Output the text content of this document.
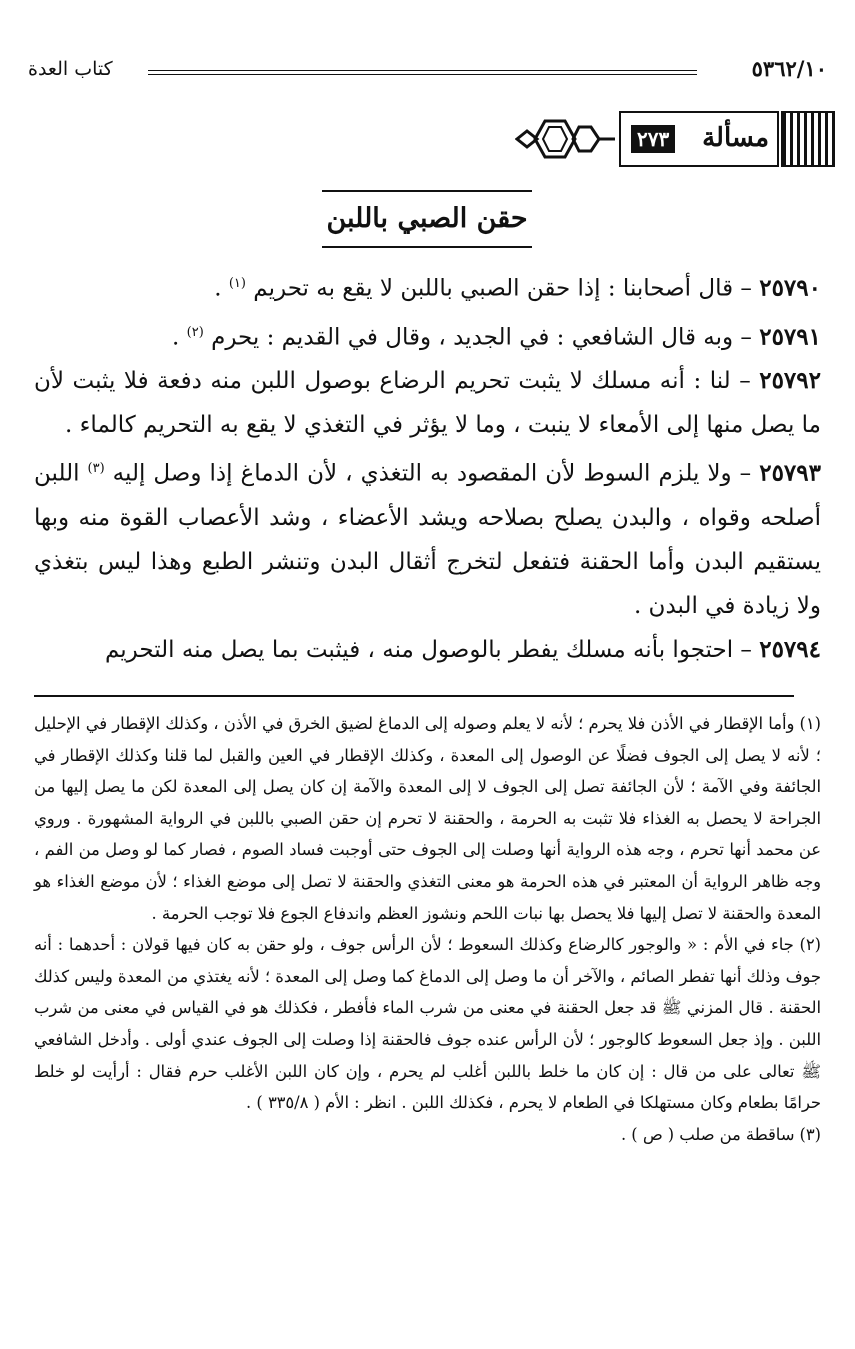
٥٣٦٢/١٠
كتاب العدة
مسألة
٢٧٣
حقن الصبي باللبن

٢٥٧٩٠ – قال أصحابنا : إذا حقن الصبي باللبن لا يقع به تحريم $^{(١)}$ .

٢٥٧٩١ – وبه قال الشافعي : في الجديد ، وقال في القديم : يحرم $^{(٢)}$ .

٢٥٧٩٢ – لنا : أنه مسلك لا يثبت تحريم الرضاع بوصول اللبن منه دفعة فلا يثبت لأن ما يصل منها إلى الأمعاء لا ينبت ، وما لا يؤثر في التغذي لا يقع به التحريم كالماء .

٢٥٧٩٣ – ولا يلزم السوط لأن المقصود به التغذي ، لأن الدماغ إذا وصل إليه $^{(٣)}$ اللبن أصلحه وقواه ، والبدن يصلح بصلاحه ويشد الأعضاء ، وشد الأعصاب القوة منه وبها يستقيم البدن وأما الحقنة فتفعل لتخرج أثقال البدن وتنشر الطبع وهذا ليس بتغذي ولا زيادة في البدن .

٢٥٧٩٤ – احتجوا بأنه مسلك يفطر بالوصول منه ، فيثبت بما يصل منه التحريم

(١) وأما الإقطار في الأذن فلا يحرم ؛ لأنه لا يعلم وصوله إلى الدماغ لضيق الخرق في الأذن ، وكذلك الإقطار في الإحليل ؛ لأنه لا يصل إلى الجوف فضلًا عن الوصول إلى المعدة ، وكذلك الإقطار في العين والقبل لما قلنا وكذلك الإقطار في الجائفة وفي الآمة ؛ لأن الجائفة تصل إلى الجوف لا إلى المعدة والآمة إن كان يصل إلى المعدة لكن ما يصل إليها من الجراحة لا يحصل به الغذاء فلا تثبت به الحرمة ، والحقنة لا تحرم إن حقن الصبي باللبن في الرواية المشهورة . وروي عن محمد أنها تحرم ، وجه هذه الرواية أنها وصلت إلى الجوف حتى أوجبت فساد الصوم ، فصار كما لو وصل من الفم ، وجه ظاهر الرواية أن المعتبر في هذه الحرمة هو معنى التغذي والحقنة لا تصل إلى موضع الغذاء ؛ لأن موضع الغذاء هو المعدة والحقنة لا تصل إليها فلا يحصل بها نبات اللحم ونشوز العظم واندفاع الجوع فلا توجب الحرمة .

(٢) جاء في الأم : « والوجور كالرضاع وكذلك السعوط ؛ لأن الرأس جوف ، ولو حقن به كان فيها قولان : أحدهما : أنه جوف وذلك أنها تفطر الصائم ، والآخر أن ما وصل إلى الدماغ كما وصل إلى المعدة ؛ لأنه يغتذي من المعدة وليس كذلك الحقنة . قال المزني ﷺ قد جعل الحقنة في معنى من شرب الماء فأفطر ، فكذلك هو في القياس في معنى من شرب اللبن . وإذ جعل السعوط كالوجور ؛ لأن الرأس عنده جوف فالحقنة إذا وصلت إلى الجوف عندي أولى . وأدخل الشافعي ﷺ تعالى على من قال : إن كان ما خلط باللبن أغلب لم يحرم ، وإن كان اللبن الأغلب حرم فقال : أرأيت لو خلط حرامًا بطعام وكان مستهلكا في الطعام لا يحرم ، فكذلك اللبن . انظر : الأم ( ٣٣٥/٨ ) .

(٣) ساقطة من صلب ( ص ) .
